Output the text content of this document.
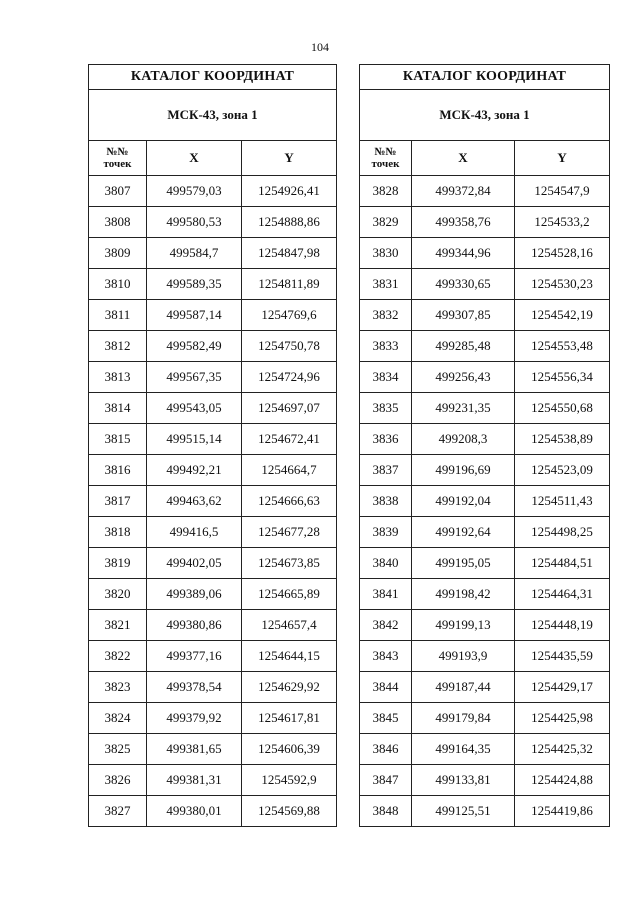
104
КАТАЛОГ КООРДИНАТ		
МСК-43, зона 1		
№№
точек	X	Y
3807	499579,03	1254926,41
3808	499580,53	1254888,86
3809	499584,7	1254847,98
3810	499589,35	1254811,89
3811	499587,14	1254769,6
3812	499582,49	1254750,78
3813	499567,35	1254724,96
3814	499543,05	1254697,07
3815	499515,14	1254672,41
3816	499492,21	1254664,7
3817	499463,62	1254666,63
3818	499416,5	1254677,28
3819	499402,05	1254673,85
3820	499389,06	1254665,89
3821	499380,86	1254657,4
3822	499377,16	1254644,15
3823	499378,54	1254629,92
3824	499379,92	1254617,81
3825	499381,65	1254606,39
3826	499381,31	1254592,9
3827	499380,01	1254569,88
КАТАЛОГ КООРДИНАТ		
МСК-43, зона 1		
№№
точек	X	Y
3828	499372,84	1254547,9
3829	499358,76	1254533,2
3830	499344,96	1254528,16
3831	499330,65	1254530,23
3832	499307,85	1254542,19
3833	499285,48	1254553,48
3834	499256,43	1254556,34
3835	499231,35	1254550,68
3836	499208,3	1254538,89
3837	499196,69	1254523,09
3838	499192,04	1254511,43
3839	499192,64	1254498,25
3840	499195,05	1254484,51
3841	499198,42	1254464,31
3842	499199,13	1254448,19
3843	499193,9	1254435,59
3844	499187,44	1254429,17
3845	499179,84	1254425,98
3846	499164,35	1254425,32
3847	499133,81	1254424,88
3848	499125,51	1254419,86
